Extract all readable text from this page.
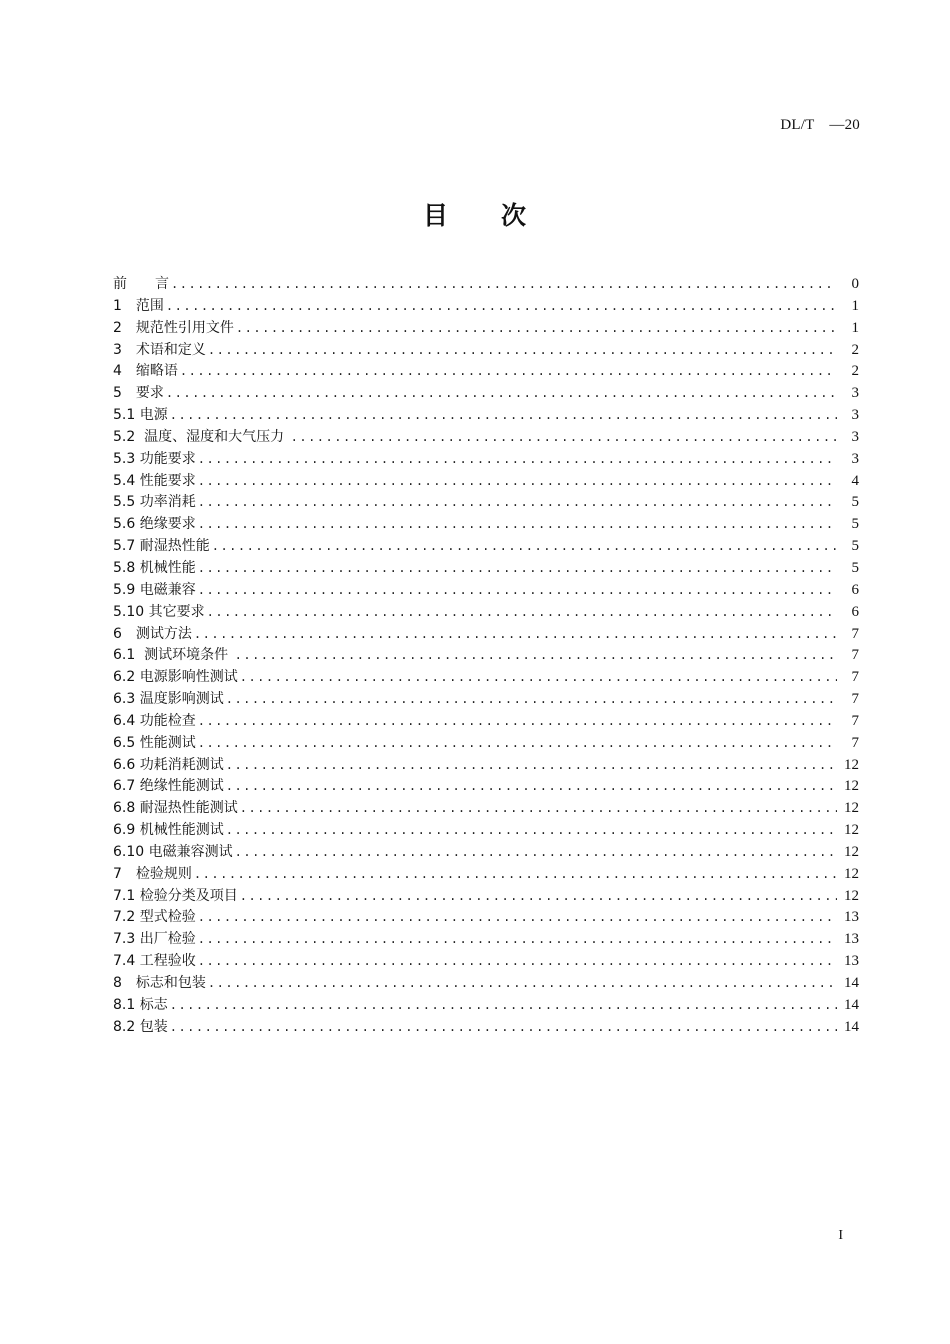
DL/T　—20
目　　次
前　　言 .....	0
1　范围 .....	1
2　规范性引用文件 .....	1
3　术语和定义 .....	2
4　缩略语 .....	2
5　要求 .....	3
5.1 电源 .....	3
5.2  温度、湿度和大气压力 .....	3
5.3 功能要求 .....	3
5.4 性能要求 .....	4
5.5 功率消耗 .....	5
5.6 绝缘要求 .....	5
5.7 耐湿热性能 .....	5
5.8 机械性能 .....	5
5.9 电磁兼容 .....	6
5.10 其它要求 .....	6
6　测试方法 .....	7
6.1  测试环境条件 .....	7
6.2 电源影响性测试 .....	7
6.3 温度影响测试 .....	7
6.4 功能检查 .....	7
6.5 性能测试 .....	7
6.6 功耗消耗测试 .....	12
6.7 绝缘性能测试 .....	12
6.8 耐湿热性能测试 .....	12
6.9 机械性能测试 .....	12
6.10 电磁兼容测试 .....	12
7　检验规则 .....	12
7.1 检验分类及项目 .....	12
7.2 型式检验 .....	13
7.3 出厂检验 .....	13
7.4 工程验收 .....	13
8　标志和包装 .....	14
8.1 标志 .....	14
8.2 包装 .....	14
I
